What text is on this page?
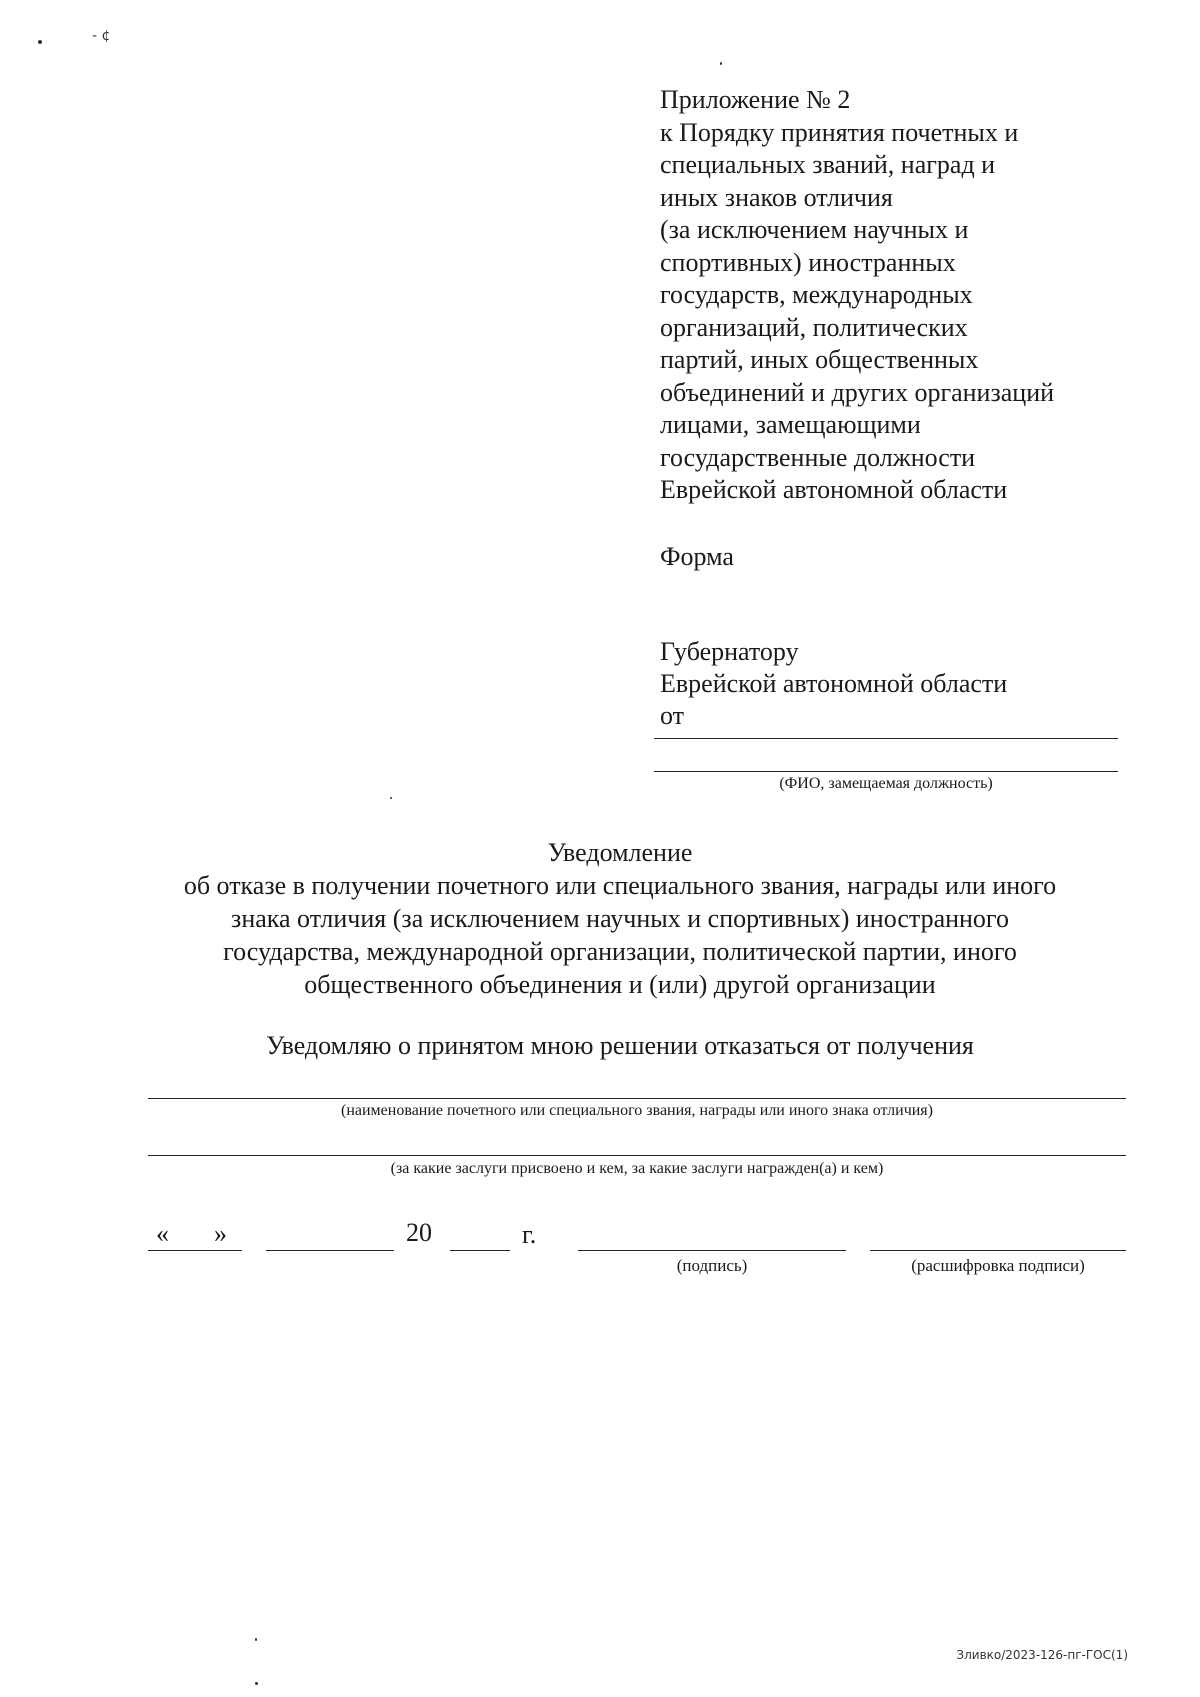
- ¢
Приложение № 2
к Порядку принятия почетных и
специальных званий, наград и
иных знаков отличия
(за исключением научных и
спортивных) иностранных
государств, международных
организаций, политических
партий, иных общественных
объединений и других организаций
лицами, замещающими
государственные должности
Еврейской автономной области
Форма
Губернатору
Еврейской автономной области
от
(ФИО, замещаемая должность)
Уведомление
об отказе в получении почетного или специального звания, награды или иного
знака отличия (за исключением научных и спортивных) иностранного
государства, международной организации, политической партии, иного
общественного объединения и (или) другой организации
Уведомляю о принятом мною решении отказаться от получения
(наименование почетного или специального звания, награды или иного знака отличия)
(за какие заслуги присвоено и кем, за какие заслуги награжден(а) и кем)
« »	20	г.
(подпись)	(расшифровка подписи)
Зливко/2023-126-пг-ГОС(1)
